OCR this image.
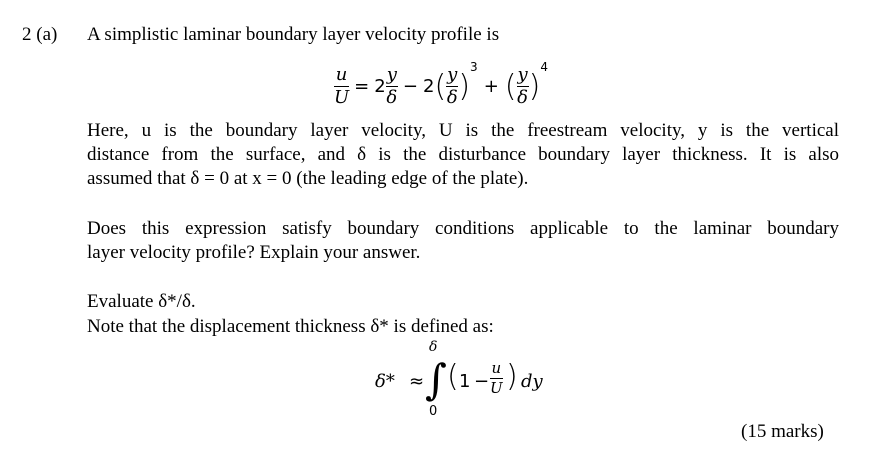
2 (a) A simplistic laminar boundary layer velocity profile is
$\frac{u}{U} = 2 \frac{y}{\delta} - 2$ ( $\frac{y}{\delta}$ )
3
+ ( $\frac{y}{\delta}$ )
4
Here, u is the boundary layer velocity, U is the freestream velocity, y is the vertical
distance from the surface, and δ is the disturbance boundary layer thickness. It is also
assumed that δ = 0 at x = 0 (the leading edge of the plate).
Does this expression satisfy boundary conditions applicable to the laminar boundary
layer velocity profile? Explain your answer.
Evaluate δ*/δ.
Note that the displacement thickness δ* is defined as:
δ* ≈
δ
∫
0
( $1 - \frac{u}{U}$ ) dy
(15 marks)
